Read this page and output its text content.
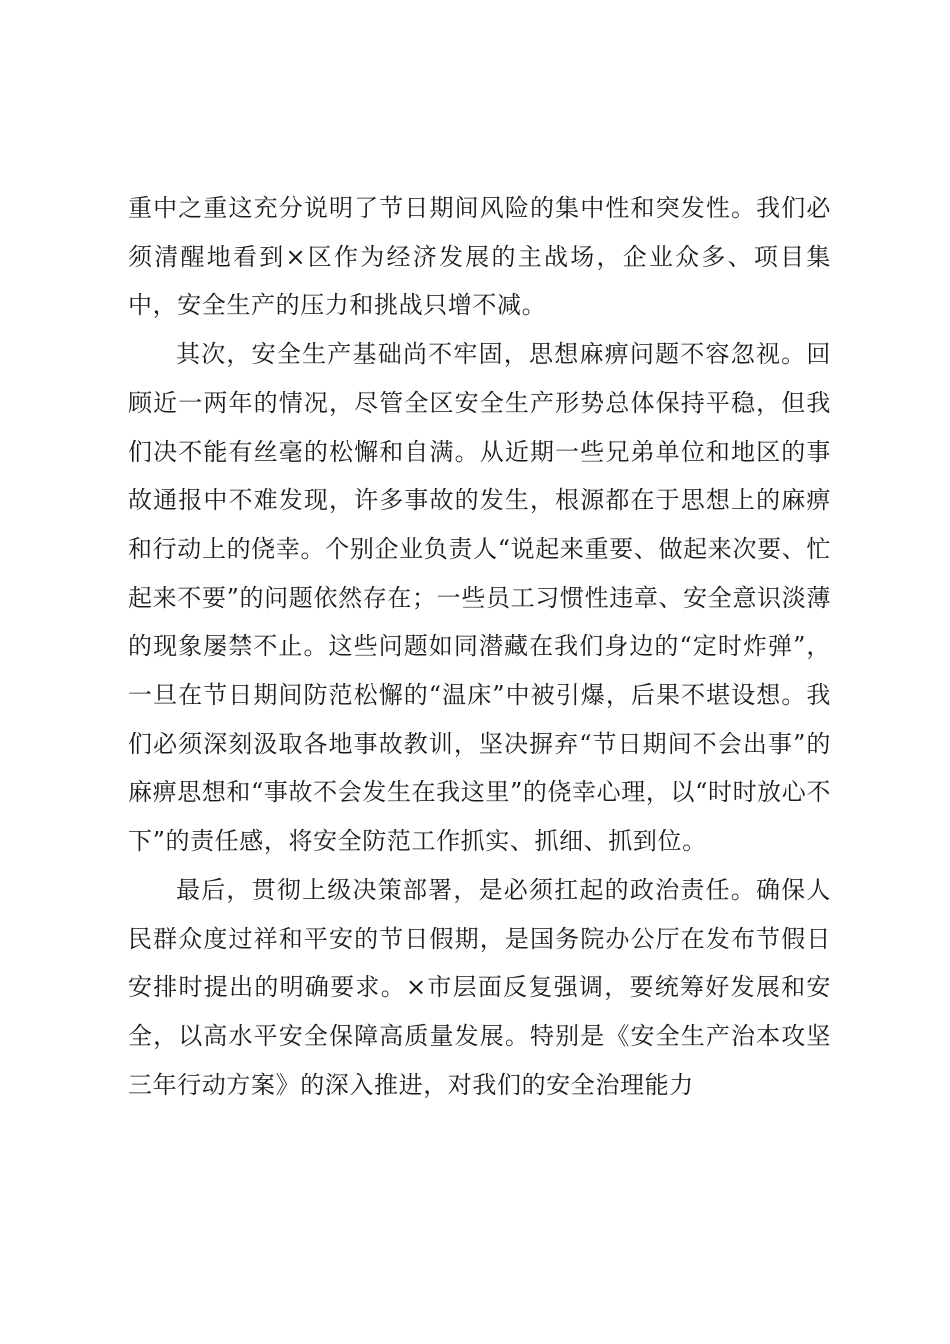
重中之重这充分说明了节日期间风险的集中性和突发性。我们必须清醒地看到×区作为经济发展的主战场，企业众多、项目集中，安全生产的压力和挑战只增不减。

其次，安全生产基础尚不牢固，思想麻痹问题不容忽视。回顾近一两年的情况，尽管全区安全生产形势总体保持平稳，但我们决不能有丝毫的松懈和自满。从近期一些兄弟单位和地区的事故通报中不难发现，许多事故的发生，根源都在于思想上的麻痹和行动上的侥幸。个别企业负责人“说起来重要、做起来次要、忙起来不要”的问题依然存在；一些员工习惯性违章、安全意识淡薄的现象屡禁不止。这些问题如同潜藏在我们身边的“定时炸弹”，一旦在节日期间防范松懈的“温床”中被引爆，后果不堪设想。我们必须深刻汲取各地事故教训，坚决摒弃“节日期间不会出事”的麻痹思想和“事故不会发生在我这里”的侥幸心理，以“时时放心不下”的责任感，将安全防范工作抓实、抓细、抓到位。

最后，贯彻上级决策部署，是必须扛起的政治责任。确保人民群众度过祥和平安的节日假期，是国务院办公厅在发布节假日安排时提出的明确要求。×市层面反复强调，要统筹好发展和安全，以高水平安全保障高质量发展。特别是《安全生产治本攻坚三年行动方案》的深入推进，对我们的安全治理能力
